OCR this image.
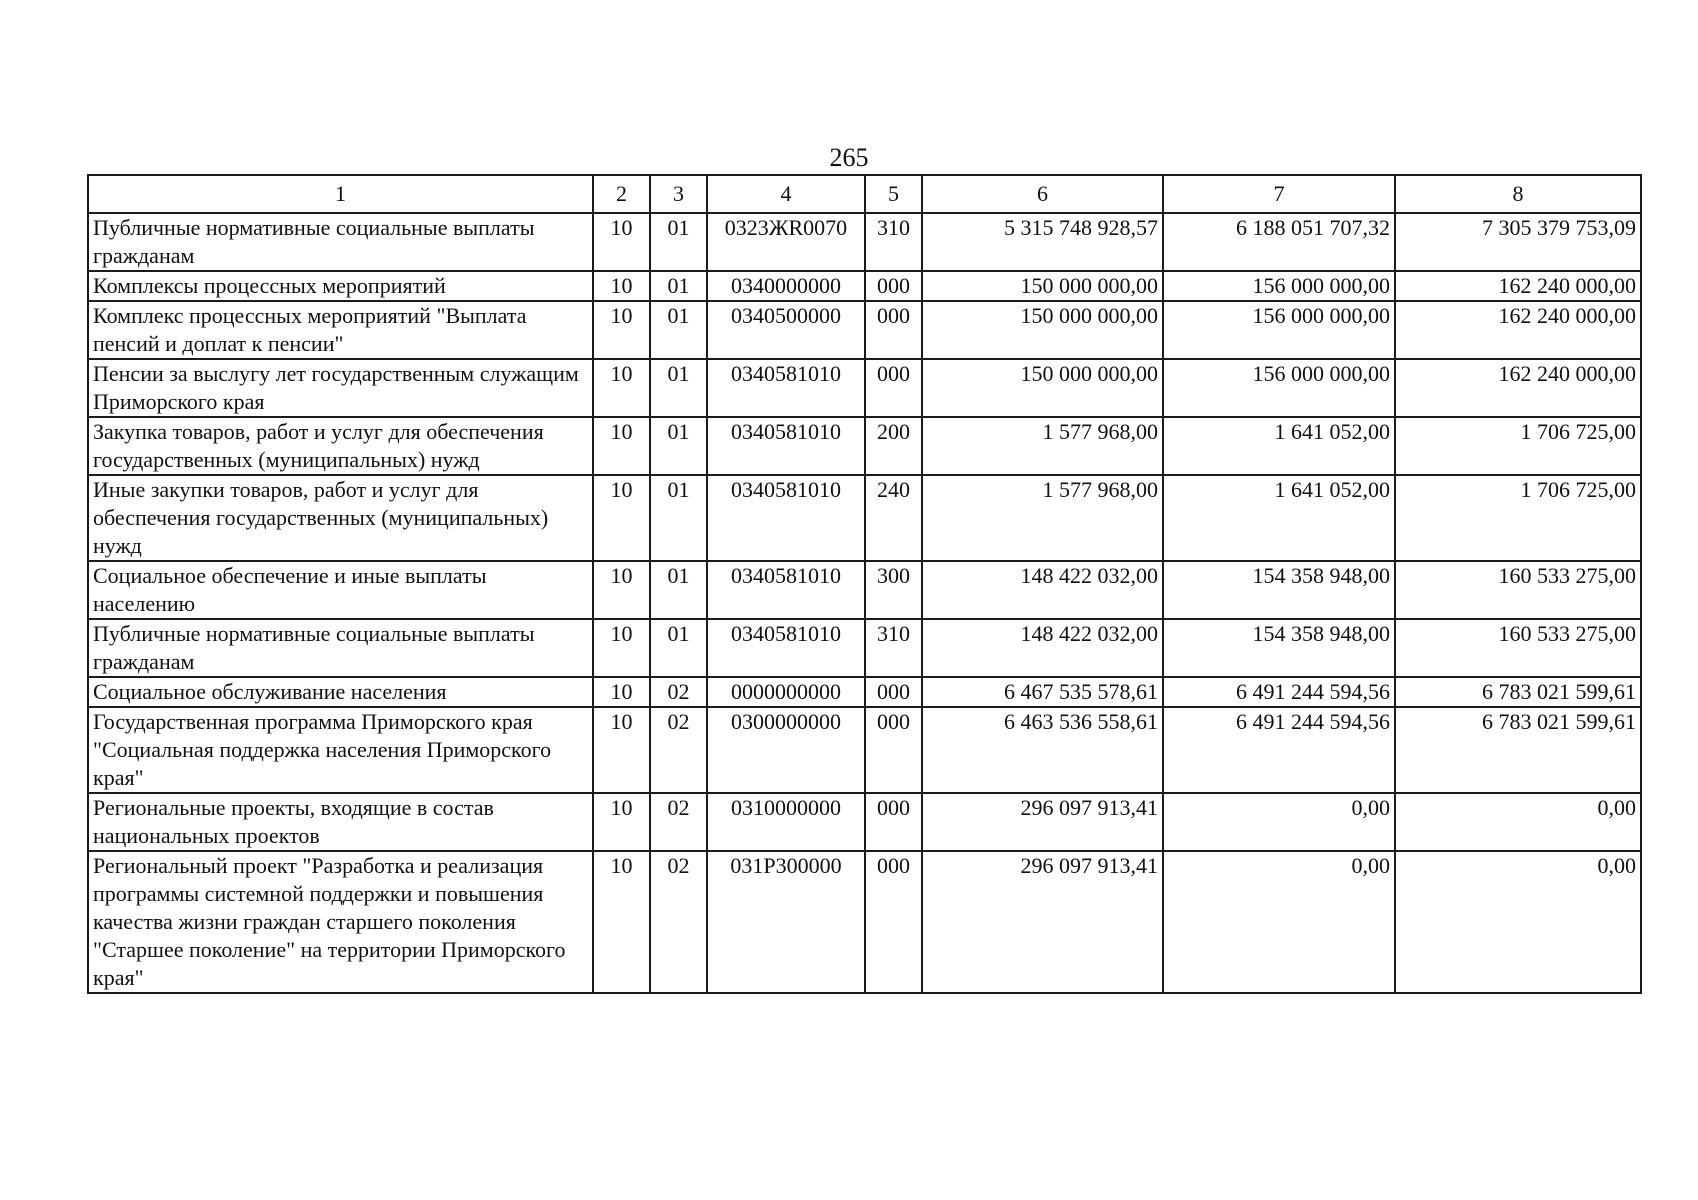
265
1	2	3	4	5	6	7	8
Публичные нормативные социальные выплаты гражданам	10	01	0323ЖR0070	310	5 315 748 928,57	6 188 051 707,32	7 305 379 753,09
Комплексы процессных мероприятий	10	01	0340000000	000	150 000 000,00	156 000 000,00	162 240 000,00
Комплекс процессных мероприятий "Выплата пенсий и доплат к пенсии"	10	01	0340500000	000	150 000 000,00	156 000 000,00	162 240 000,00
Пенсии за выслугу лет государственным служащим Приморского края	10	01	0340581010	000	150 000 000,00	156 000 000,00	162 240 000,00
Закупка товаров, работ и услуг для обеспечения государственных (муниципальных) нужд	10	01	0340581010	200	1 577 968,00	1 641 052,00	1 706 725,00
Иные закупки товаров, работ и услуг для обеспечения государственных (муниципальных) нужд	10	01	0340581010	240	1 577 968,00	1 641 052,00	1 706 725,00
Социальное обеспечение и иные выплаты населению	10	01	0340581010	300	148 422 032,00	154 358 948,00	160 533 275,00
Публичные нормативные социальные выплаты гражданам	10	01	0340581010	310	148 422 032,00	154 358 948,00	160 533 275,00
Социальное обслуживание населения	10	02	0000000000	000	6 467 535 578,61	6 491 244 594,56	6 783 021 599,61
Государственная программа Приморского края "Социальная поддержка населения Приморского края"	10	02	0300000000	000	6 463 536 558,61	6 491 244 594,56	6 783 021 599,61
Региональные проекты, входящие в состав национальных проектов	10	02	0310000000	000	296 097 913,41	0,00	0,00
Региональный проект "Разработка и реализация программы системной поддержки и повышения качества жизни граждан старшего поколения "Старшее поколение" на территории Приморского края"	10	02	031P300000	000	296 097 913,41	0,00	0,00
